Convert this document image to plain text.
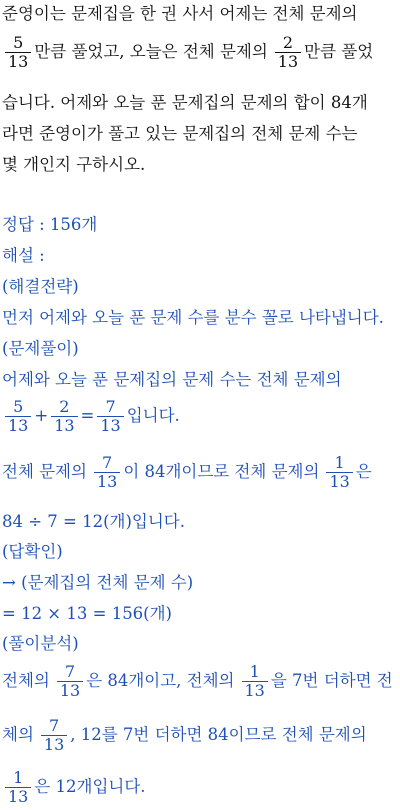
준영이는 문제집을 한 권 사서 어제는 전체 문제의
$\frac{5}{13}$ 만큼 풀었고, 오늘은 전체 문제의 $\frac{2}{13}$ 만큼 풀었
습니다. 어제와 오늘 푼 문제집의 문제의 합이 84개
라면 준영이가 풀고 있는 문제집의 전체 문제 수는
몇 개인지 구하시오.
정답 : 156개
해설 :
(해결전략)
먼저 어제와 오늘 푼 문제 수를 분수 꼴로 나타냅니다.
(문제풀이)
어제와 오늘 푼 문제집의 문제 수는 전체 문제의
$\frac{5}{13} + \frac{2}{13} = \frac{7}{13}$ 입니다.
전체 문제의 $\frac{7}{13}$ 이 84개이므로 전체 문제의 $\frac{1}{13}$ 은
84 ÷ 7 = 12(개)입니다.
(답확인)
→ (문제집의 전체 문제 수)
= 12 × 13 = 156(개)
(풀이분석)
전체의 $\frac{7}{13}$ 은 84개이고, 전체의 $\frac{1}{13}$ 을 7번 더하면 전
체의 $\frac{7}{13}$ , 12를 7번 더하면 84이므로 전체 문제의
$\frac{1}{13}$ 은 12개입니다.
